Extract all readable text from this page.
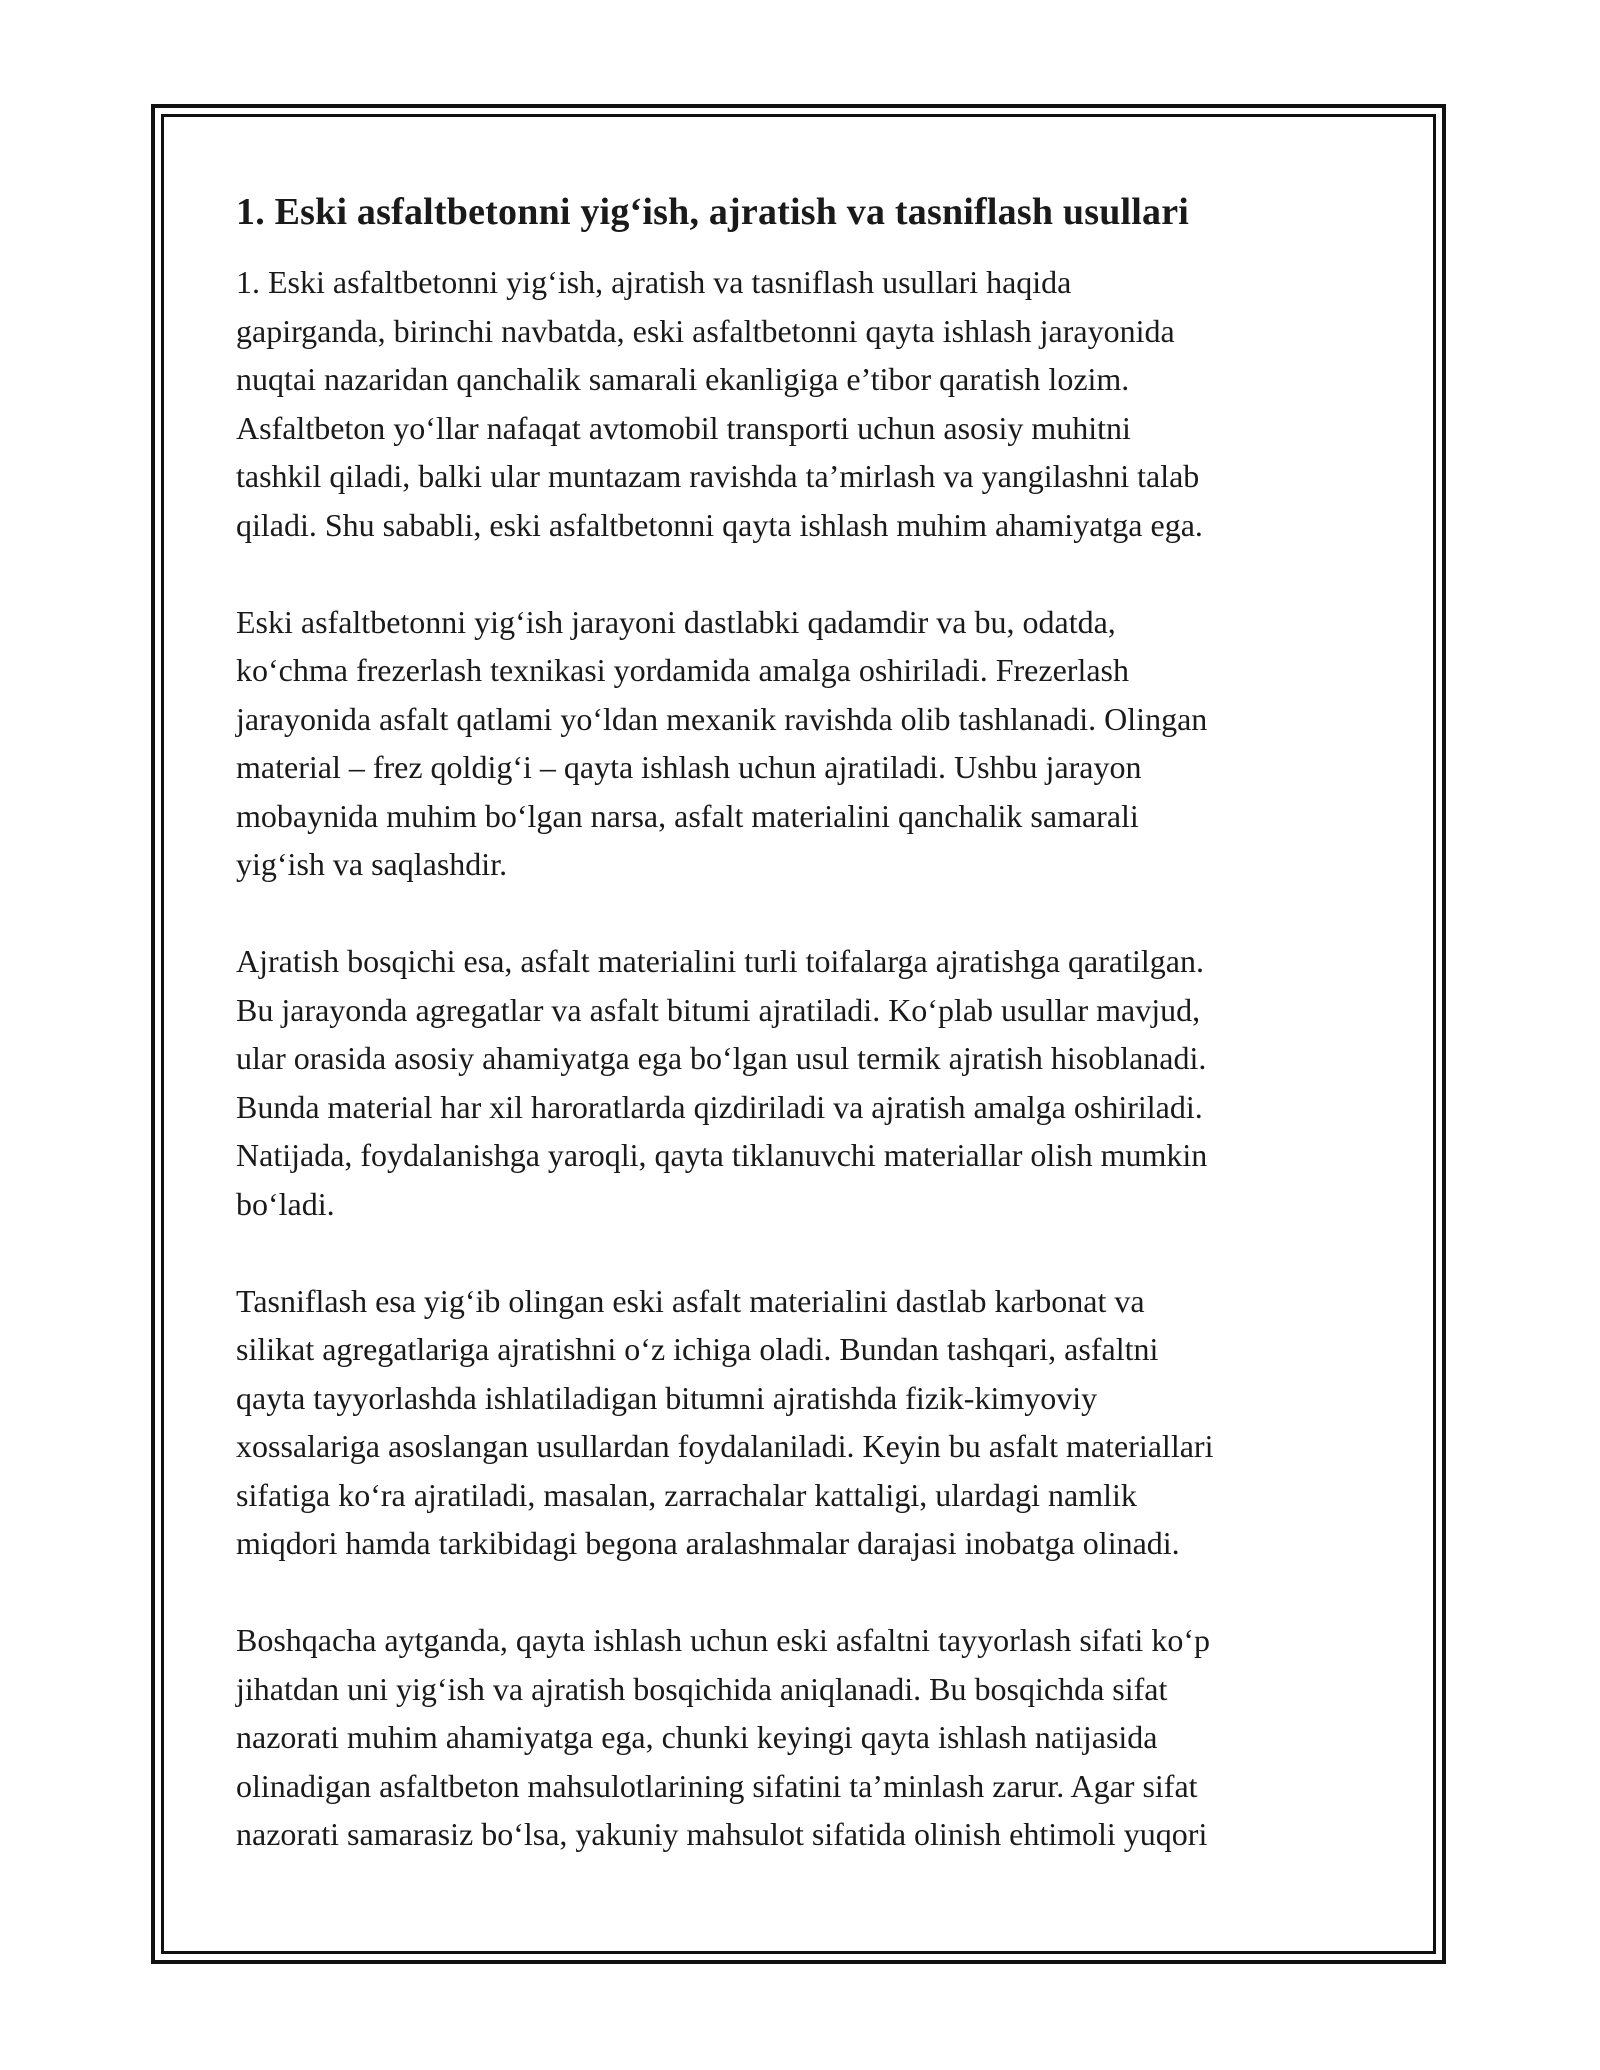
1. Eski asfaltbetonni yig‘ish, ajratish va tasniflash usullari
1. Eski asfaltbetonni yig‘ish, ajratish va tasniflash usullari haqida
gapirganda, birinchi navbatda, eski asfaltbetonni qayta ishlash jarayonida
nuqtai nazaridan qanchalik samarali ekanligiga e’tibor qaratish lozim.
Asfaltbeton yo‘llar nafaqat avtomobil transporti uchun asosiy muhitni
tashkil qiladi, balki ular muntazam ravishda ta’mirlash va yangilashni talab
qiladi. Shu sababli, eski asfaltbetonni qayta ishlash muhim ahamiyatga ega.
Eski asfaltbetonni yig‘ish jarayoni dastlabki qadamdir va bu, odatda,
ko‘chma frezerlash texnikasi yordamida amalga oshiriladi. Frezerlash
jarayonida asfalt qatlami yo‘ldan mexanik ravishda olib tashlanadi. Olingan
material – frez qoldig‘i – qayta ishlash uchun ajratiladi. Ushbu jarayon
mobaynida muhim bo‘lgan narsa, asfalt materialini qanchalik samarali
yig‘ish va saqlashdir.
Ajratish bosqichi esa, asfalt materialini turli toifalarga ajratishga qaratilgan.
Bu jarayonda agregatlar va asfalt bitumi ajratiladi. Ko‘plab usullar mavjud,
ular orasida asosiy ahamiyatga ega bo‘lgan usul termik ajratish hisoblanadi.
Bunda material har xil haroratlarda qizdiriladi va ajratish amalga oshiriladi.
Natijada, foydalanishga yaroqli, qayta tiklanuvchi materiallar olish mumkin
bo‘ladi.
Tasniflash esa yig‘ib olingan eski asfalt materialini dastlab karbonat va
silikat agregatlariga ajratishni o‘z ichiga oladi. Bundan tashqari, asfaltni
qayta tayyorlashda ishlatiladigan bitumni ajratishda fizik-kimyoviy
xossalariga asoslangan usullardan foydalaniladi. Keyin bu asfalt materiallari
sifatiga ko‘ra ajratiladi, masalan, zarrachalar kattaligi, ulardagi namlik
miqdori hamda tarkibidagi begona aralashmalar darajasi inobatga olinadi.
Boshqacha aytganda, qayta ishlash uchun eski asfaltni tayyorlash sifati ko‘p
jihatdan uni yig‘ish va ajratish bosqichida aniqlanadi. Bu bosqichda sifat
nazorati muhim ahamiyatga ega, chunki keyingi qayta ishlash natijasida
olinadigan asfaltbeton mahsulotlarining sifatini ta’minlash zarur. Agar sifat
nazorati samarasiz bo‘lsa, yakuniy mahsulot sifatida olinish ehtimoli yuqori
